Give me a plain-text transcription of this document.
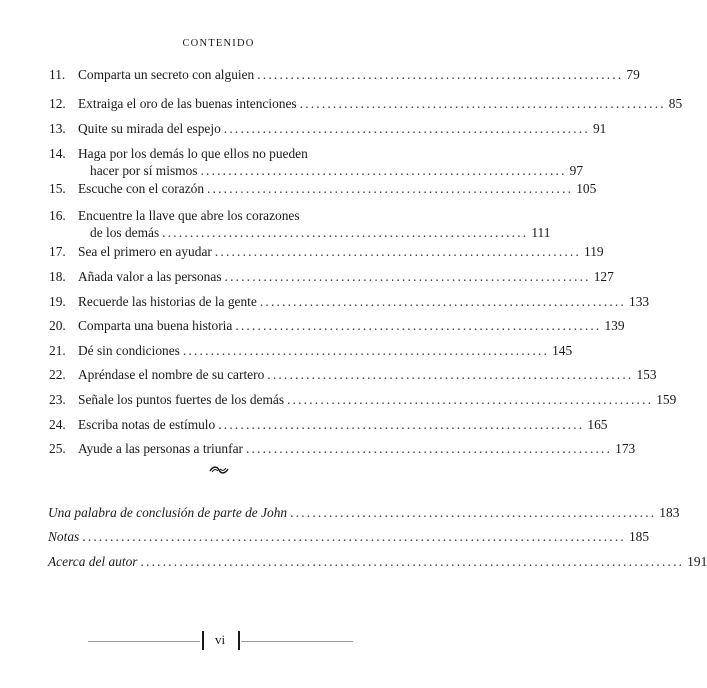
CONTENIDO
11. Comparta un secreto con alguien .................................................................. 79
12. Extraiga el oro de las buenas intenciones .................................................................. 85
13. Quite su mirada del espejo .................................................................. 91
14. Haga por los demás lo que ellos no pueden
hacer por sí mismos .................................................................. 97
15. Escuche con el corazón .................................................................. 105
16. Encuentre la llave que abre los corazones
de los demás .................................................................. 111
17. Sea el primero en ayudar .................................................................. 119
18. Añada valor a las personas .................................................................. 127
19. Recuerde las historias de la gente .................................................................. 133
20. Comparta una buena historia .................................................................. 139
21. Dé sin condiciones .................................................................. 145
22. Apréndase el nombre de su cartero .................................................................. 153
23. Señale los puntos fuertes de los demás .................................................................. 159
24. Escriba notas de estímulo .................................................................. 165
25. Ayude a las personas a triunfar .................................................................. 173
Una palabra de conclusión de parte de John .................................................................. 183
Notas .................................................................................................. 185
Acerca del autor .................................................................................................. 191
vi
